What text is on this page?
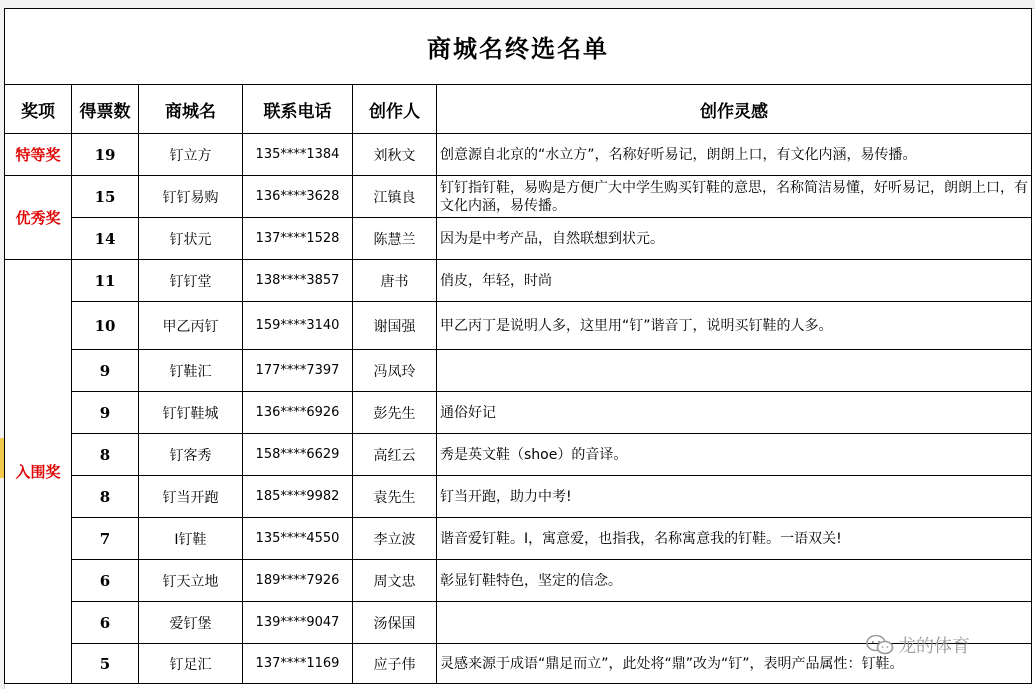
商城名终选名单					
奖项	得票数	商城名	联系电话	创作人	创作灵感
特等奖	19	钉立方	135****1384	刘秋文	创意源自北京的“水立方”，名称好听易记，朗朗上口，有文化内涵，易传播。
优秀奖	15	钉钉易购	136****3628	江镇良	钉钉指钉鞋，易购是方便广大中学生购买钉鞋的意思，名称简洁易懂，好听易记，朗朗上口，有文化内涵，易传播。
	14	钉状元	137****1528	陈慧兰	因为是中考产品，自然联想到状元。
入围奖	11	钉钉堂	138****3857	唐书	俏皮，年轻，时尚
	10	甲乙丙钉	159****3140	谢国强	甲乙丙丁是说明人多，这里用“钉”谐音丁，说明买钉鞋的人多。
	9	钉鞋汇	177****7397	冯凤玲	
	9	钉钉鞋城	136****6926	彭先生	通俗好记
	8	钉客秀	158****6629	高红云	秀是英文鞋（shoe）的音译。
	8	钉当开跑	185****9982	袁先生	钉当开跑，助力中考!
	7	I钉鞋	135****4550	李立波	谐音爱钉鞋。I，寓意爱，也指我，名称寓意我的钉鞋。一语双关!
	6	钉天立地	189****7926	周文忠	彰显钉鞋特色，坚定的信念。
	6	爱钉堡	139****9047	汤保国	
	5	钉足汇	137****1169	应子伟	灵感来源于成语“鼎足而立”，此处将“鼎”改为“钉”，表明产品属性：钉鞋。
龙的体育
